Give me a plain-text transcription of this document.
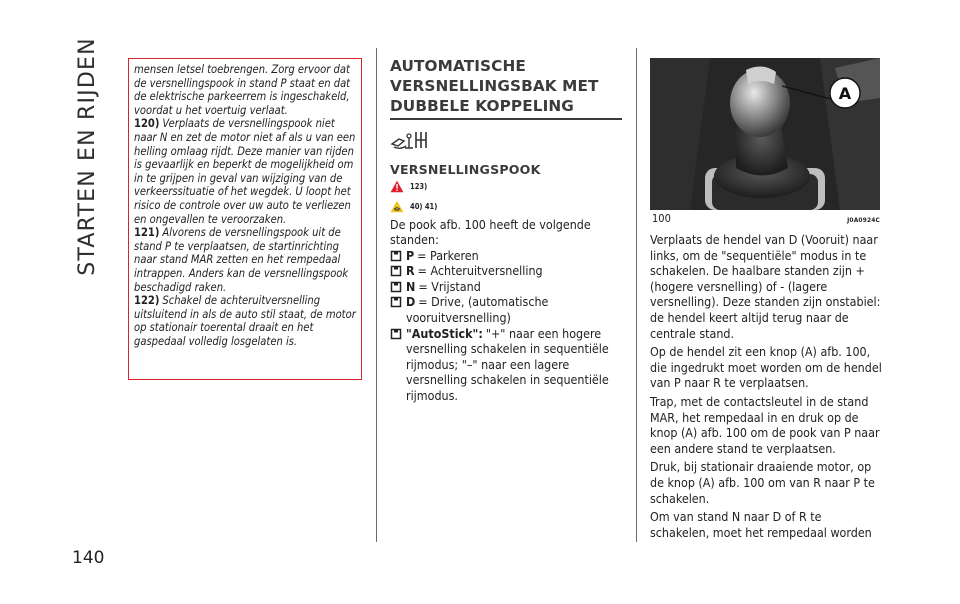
STARTEN EN RIJDEN
140
mensen letsel toebrengen. Zorg ervoor dat de versnellingspook in stand P staat en dat de elektrische parkeerrem is ingeschakeld, voordat u het voertuig verlaat.
120) Verplaats de versnellingspook niet naar N en zet de motor niet af als u van een helling omlaag rijdt. Deze manier van rijden is gevaarlijk en beperkt de mogelijkheid om in te grijpen in geval van wijziging van de verkeerssituatie of het wegdek. U loopt het risico de controle over uw auto te verliezen en ongevallen te veroorzaken.
121) Alvorens de versnellingspook uit de stand P te verplaatsen, de startinrichting naar stand MAR zetten en het rempedaal intrappen. Anders kan de versnellingspook beschadigd raken.
122) Schakel de achteruitversnelling uitsluitend in als de auto stil staat, de motor op stationair toerental draait en het gaspedaal volledig losgelaten is.
AUTOMATISCHE
VERSNELLINGSBAK MET
DUBBELE KOPPELING
VERSNELLINGSPOOK
123)
40) 41)

De pook afb. 100 heeft de volgende standen:

P = Parkeren
R = Achteruitversnelling
N = Vrijstand
D = Drive, (automatische vooruitversnelling)
"AutoStick": "+" naar een hogere versnelling schakelen in sequentiële rijmodus; "–" naar een lagere versnelling schakelen in sequentiële rijmodus.
A
100	J0A0924C

Verplaats de hendel van D (Vooruit) naar links, om de "sequentiële" modus in te schakelen. De haalbare standen zijn + (hogere versnelling) of - (lagere versnelling). Deze standen zijn onstabiel: de hendel keert altijd terug naar de centrale stand.

Op de hendel zit een knop (A) afb. 100, die ingedrukt moet worden om de hendel van P naar R te verplaatsen.

Trap, met de contactsleutel in de stand MAR, het rempedaal in en druk op de knop (A) afb. 100 om de pook van P naar een andere stand te verplaatsen.

Druk, bij stationair draaiende motor, op de knop (A) afb. 100 om van R naar P te schakelen.

Om van stand N naar D of R te schakelen, moet het rempedaal worden
